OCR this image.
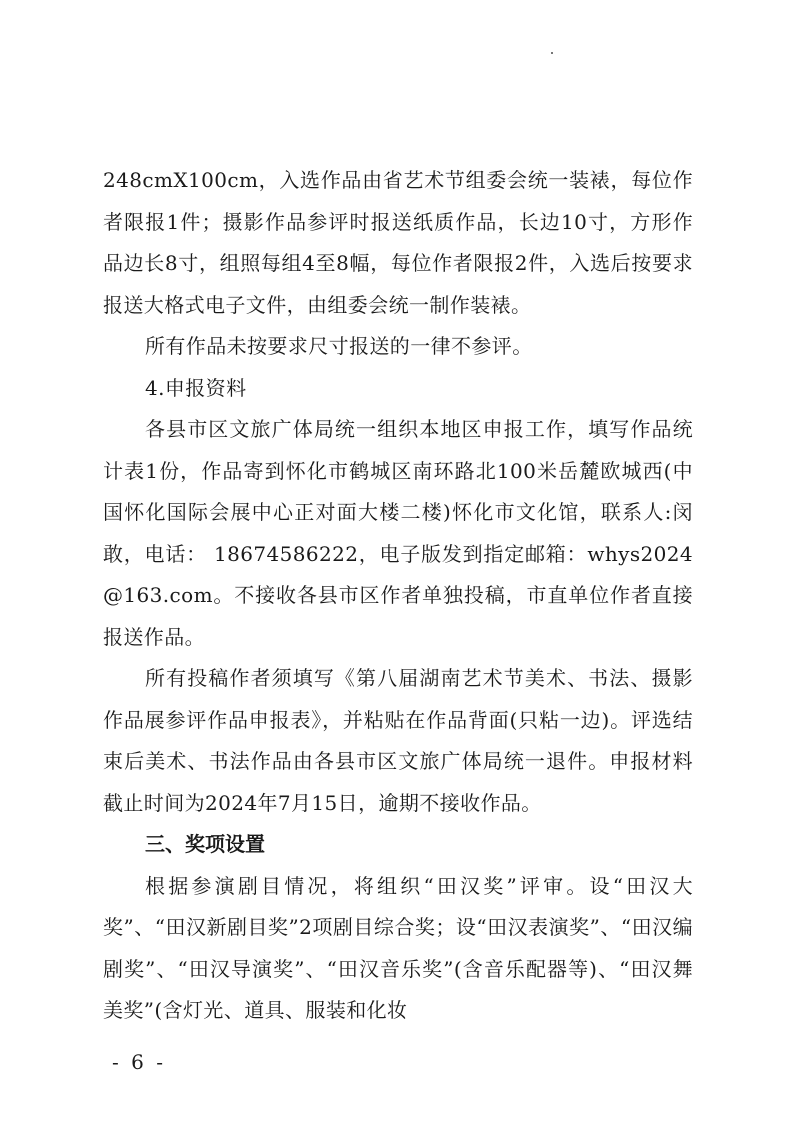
248cmX100cm，入选作品由省艺术节组委会统一装裱，每位作者限报1件；摄影作品参评时报送纸质作品，长边10寸，方形作品边长8寸，组照每组4至8幅，每位作者限报2件，入选后按要求报送大格式电子文件，由组委会统一制作装裱。

所有作品未按要求尺寸报送的一律不参评。

4.申报资料

各县市区文旅广体局统一组织本地区申报工作，填写作品统计表1份，作品寄到怀化市鹤城区南环路北100米岳麓欧城西(中国怀化国际会展中心正对面大楼二楼)怀化市文化馆，联系人:闵敢，电话： 18674586222，电子版发到指定邮箱：whys2024@163.com。不接收各县市区作者单独投稿，市直单位作者直接报送作品。

所有投稿作者须填写《第八届湖南艺术节美术、书法、摄影作品展参评作品申报表》，并粘贴在作品背面(只粘一边)。评选结束后美术、书法作品由各县市区文旅广体局统一退件。申报材料截止时间为2024年7月15日，逾期不接收作品。

三、奖项设置

根据参演剧目情况，将组织“田汉奖”评审。设“田汉大奖”、“田汉新剧目奖”2项剧目综合奖；设“田汉表演奖”、“田汉编剧奖”、“田汉导演奖”、“田汉音乐奖”(含音乐配器等)、“田汉舞美奖”(含灯光、道具、服装和化妆

- 6 -
